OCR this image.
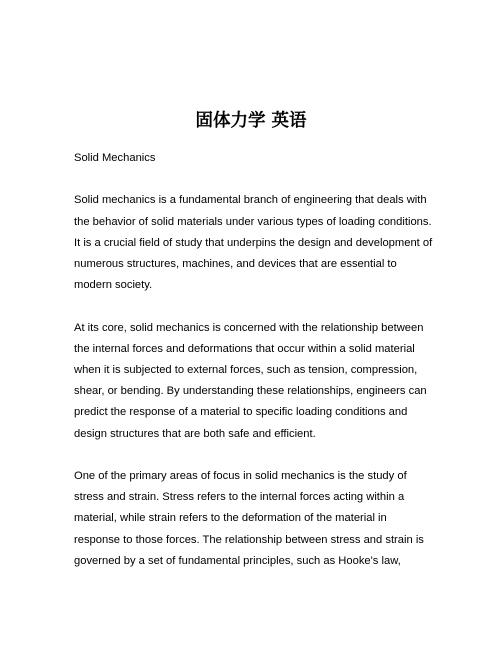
固体力学 英语

Solid Mechanics

Solid mechanics is a fundamental branch of engineering that deals with the behavior of solid materials under various types of loading conditions. It is a crucial field of study that underpins the design and development of numerous structures, machines, and devices that are essential to modern society.

At its core, solid mechanics is concerned with the relationship between the internal forces and deformations that occur within a solid material when it is subjected to external forces, such as tension, compression, shear, or bending. By understanding these relationships, engineers can predict the response of a material to specific loading conditions and design structures that are both safe and efficient.

One of the primary areas of focus in solid mechanics is the study of stress and strain. Stress refers to the internal forces acting within a material, while strain refers to the deformation of the material in response to those forces. The relationship between stress and strain is governed by a set of fundamental principles, such as Hooke's law,
